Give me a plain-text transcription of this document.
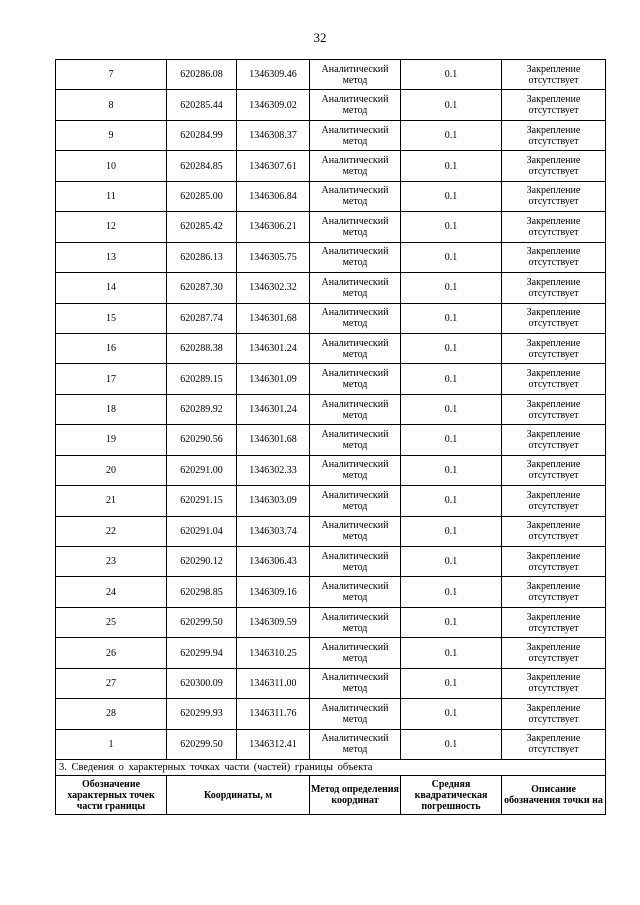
32
7	620286.08	1346309.46	Аналитический метод	0.1	Закрепление отсутствует
8	620285.44	1346309.02	Аналитический метод	0.1	Закрепление отсутствует
9	620284.99	1346308.37	Аналитический метод	0.1	Закрепление отсутствует
10	620284.85	1346307.61	Аналитический метод	0.1	Закрепление отсутствует
11	620285.00	1346306.84	Аналитический метод	0.1	Закрепление отсутствует
12	620285.42	1346306.21	Аналитический метод	0.1	Закрепление отсутствует
13	620286.13	1346305.75	Аналитический метод	0.1	Закрепление отсутствует
14	620287.30	1346302.32	Аналитический метод	0.1	Закрепление отсутствует
15	620287.74	1346301.68	Аналитический метод	0.1	Закрепление отсутствует
16	620288.38	1346301.24	Аналитический метод	0.1	Закрепление отсутствует
17	620289.15	1346301.09	Аналитический метод	0.1	Закрепление отсутствует
18	620289.92	1346301.24	Аналитический метод	0.1	Закрепление отсутствует
19	620290.56	1346301.68	Аналитический метод	0.1	Закрепление отсутствует
20	620291.00	1346302.33	Аналитический метод	0.1	Закрепление отсутствует
21	620291.15	1346303.09	Аналитический метод	0.1	Закрепление отсутствует
22	620291.04	1346303.74	Аналитический метод	0.1	Закрепление отсутствует
23	620290.12	1346306.43	Аналитический метод	0.1	Закрепление отсутствует
24	620298.85	1346309.16	Аналитический метод	0.1	Закрепление отсутствует
25	620299.50	1346309.59	Аналитический метод	0.1	Закрепление отсутствует
26	620299.94	1346310.25	Аналитический метод	0.1	Закрепление отсутствует
27	620300.09	1346311.00	Аналитический метод	0.1	Закрепление отсутствует
28	620299.93	1346311.76	Аналитический метод	0.1	Закрепление отсутствует
1	620299.50	1346312.41	Аналитический метод	0.1	Закрепление отсутствует
3. Сведения о характерных точках части (частей) границы объекта					
Обозначение характерных точек части границы	Координаты, м		Метод определения координат	Средняя квадратическая погрешность	Описание обозначения точки на
